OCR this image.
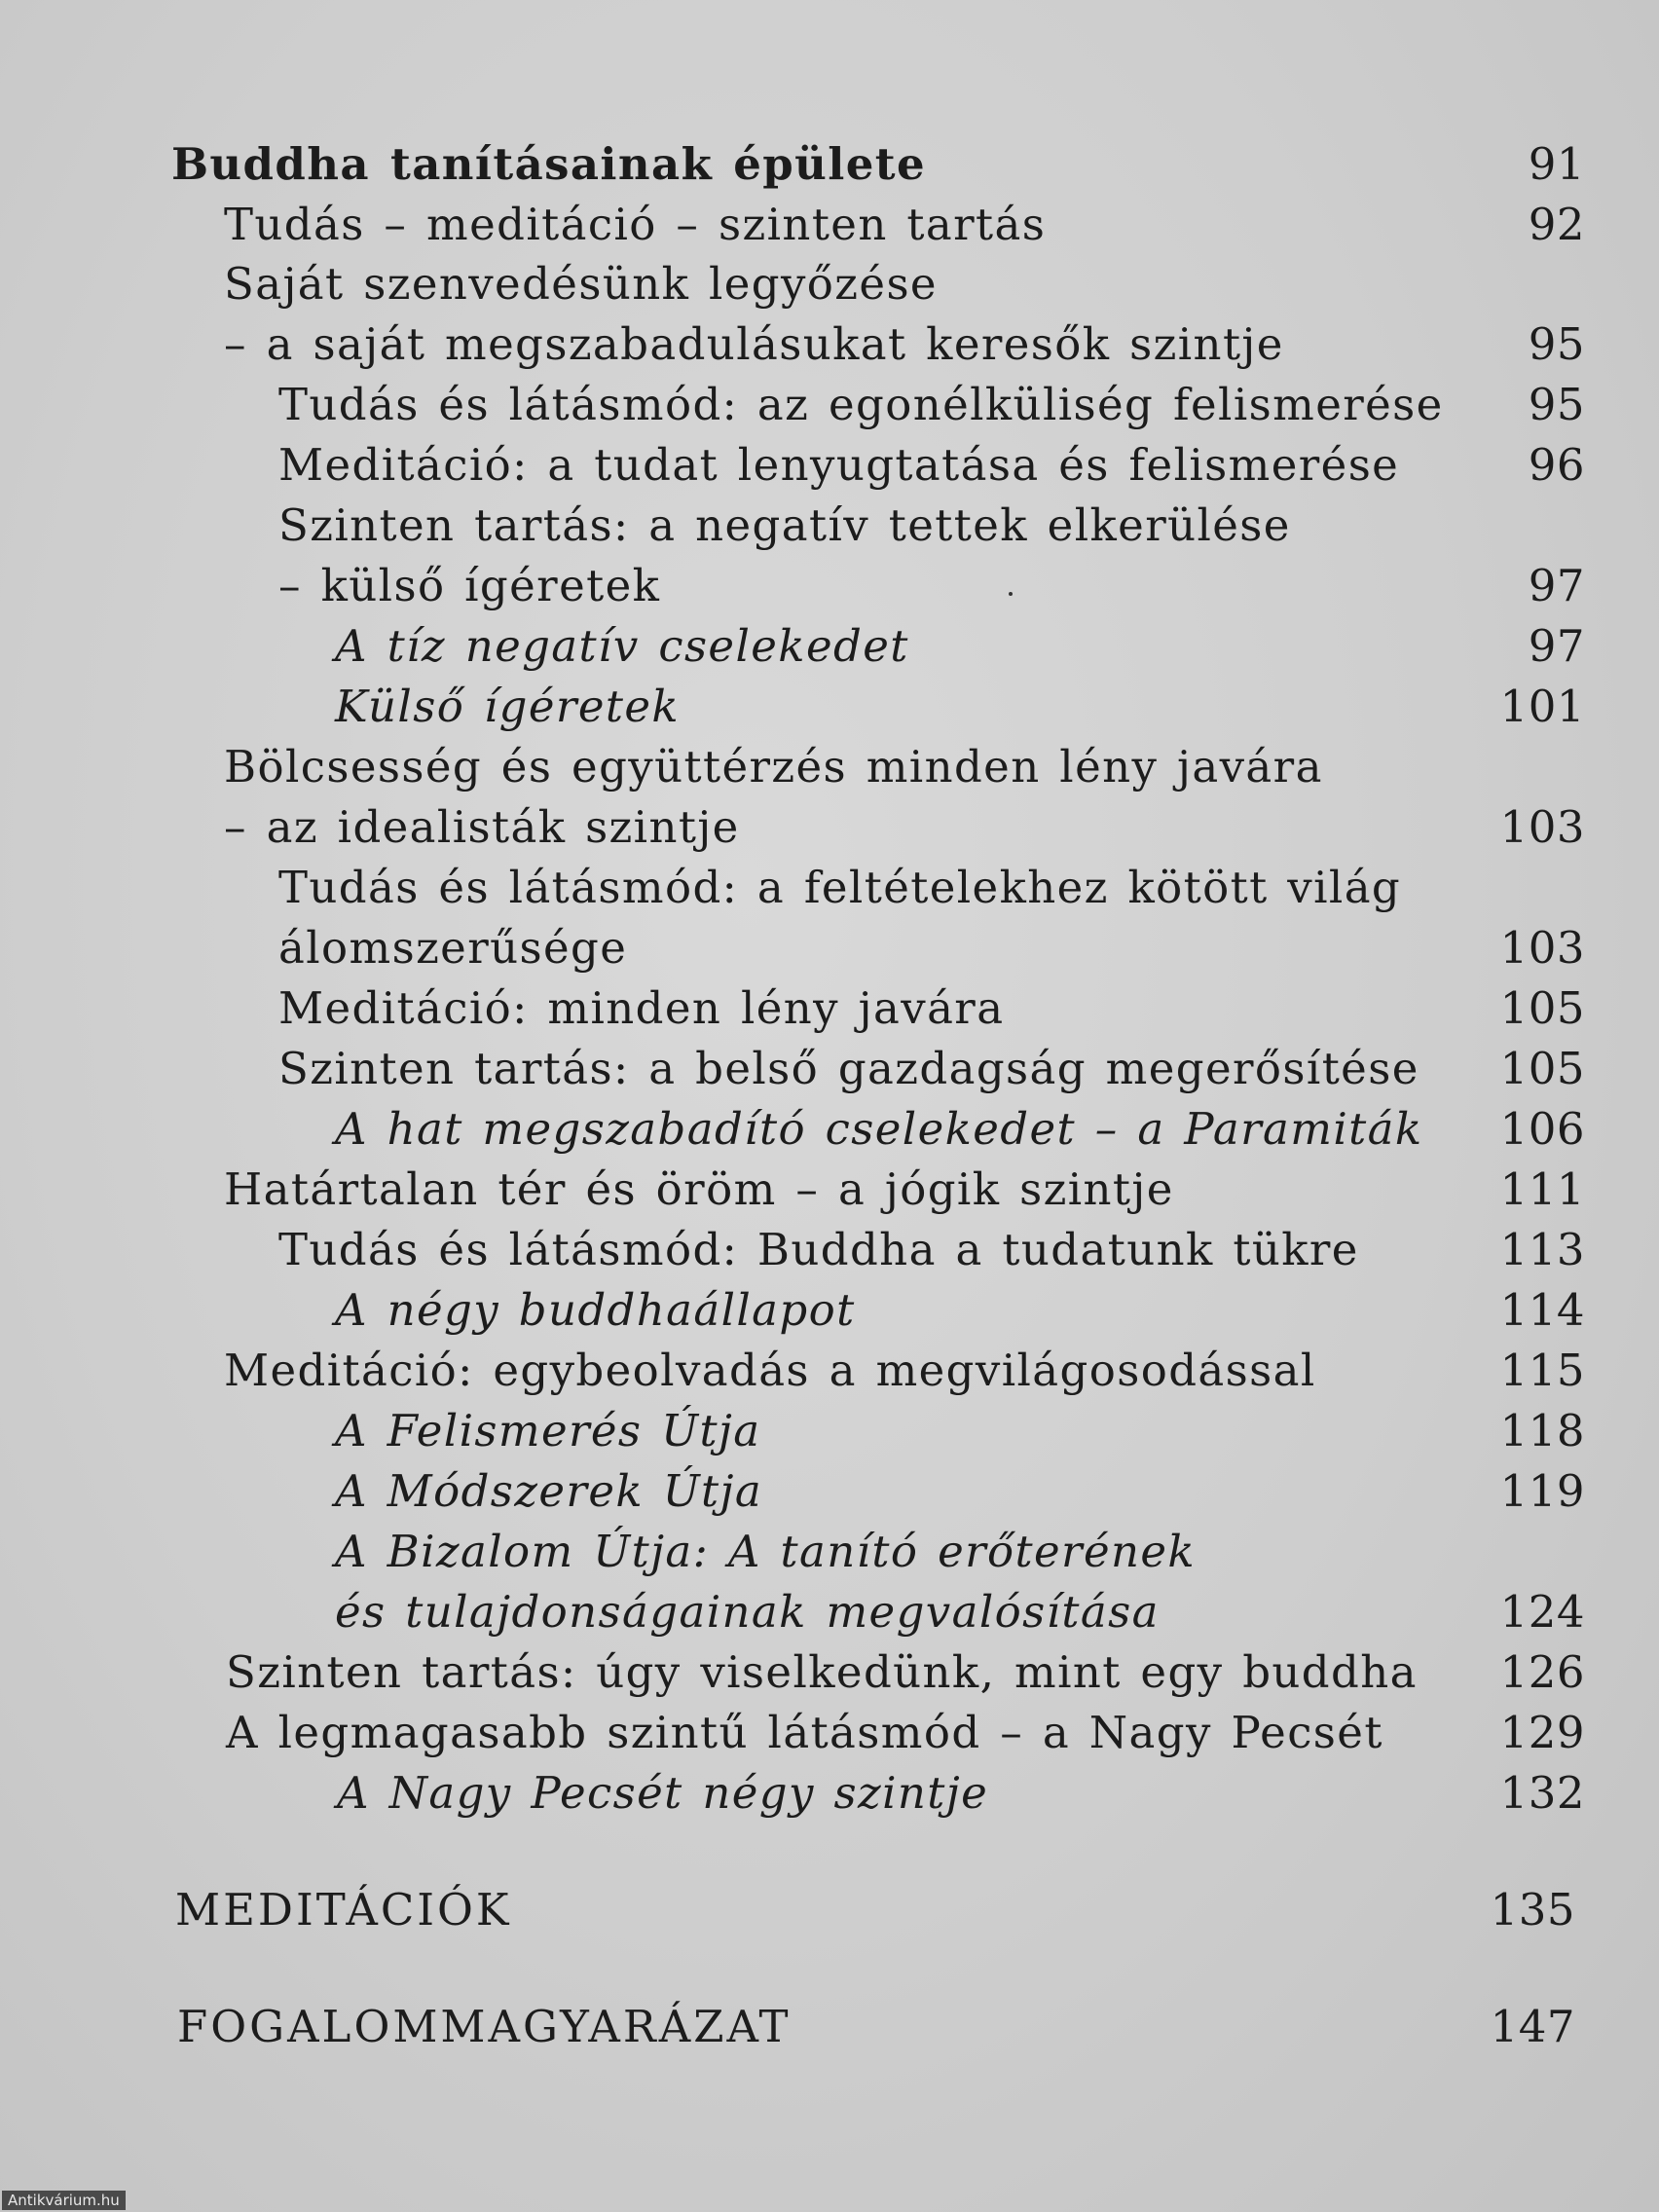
Buddha tanításainak épülete	91
Tudás – meditáció – szinten tartás	92
Saját szenvedésünk legyőzése
– a saját megszabadulásukat keresők szintje	95
Tudás és látásmód: az egonélküliség felismerése 95
Meditáció: a tudat lenyugtatása és felismerése	96
Szinten tartás: a negatív tettek elkerülése
– külső ígéretek	97
A tíz negatív cselekedet	97
Külső ígéretek	101
Bölcsesség és együttérzés minden lény javára
– az idealisták szintje	103
Tudás és látásmód: a feltételekhez kötött világ
álomszerűsége	103
Meditáció: minden lény javára	105
Szinten tartás: a belső gazdagság megerősítése 105
A hat megszabadító cselekedet – a Paramiták 106
Határtalan tér és öröm – a jógik szintje	111
Tudás és látásmód: Buddha a tudatunk tükre	113
A négy buddhaállapot	114
Meditáció: egybeolvadás a megvilágosodással	115
A Felismerés Útja	118
A Módszerek Útja	119
A Bizalom Útja: A tanító erőterének
és tulajdonságainak megvalósítása	124
Szinten tartás: úgy viselkedünk, mint egy buddha 126
A legmagasabb szintű látásmód – a Nagy Pecsét	129
A Nagy Pecsét négy szintje	132
MEDITÁCIÓK	135
FOGALOMMAGYARÁZAT	147
Antikvárium.hu
